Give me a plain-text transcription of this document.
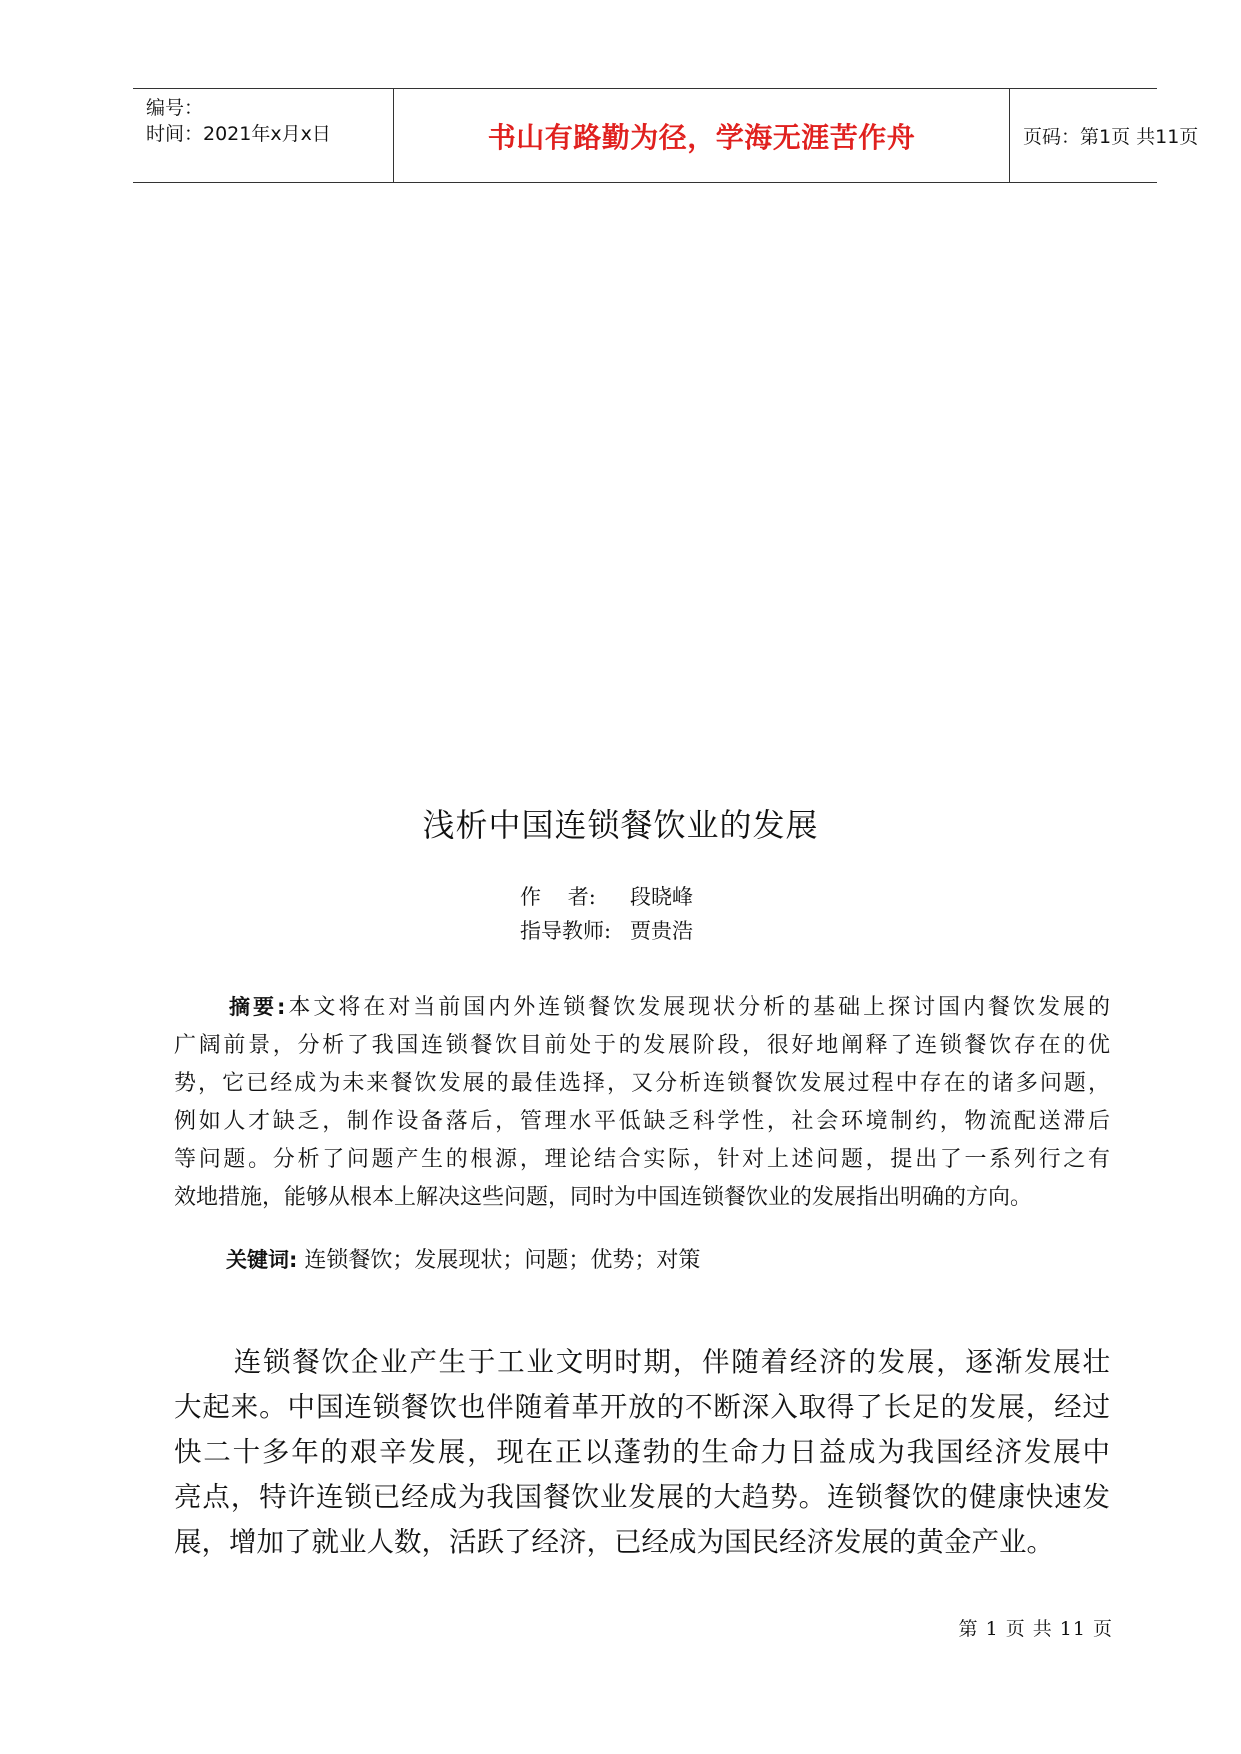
编号：
时间：2021年x月x日	书山有路勤为径，学海无涯苦作舟	页码：第1页 共11页
浅析中国连锁餐饮业的发展
作    者:	段晓峰
指导教师: 贾贵浩

摘要:本文将在对当前国内外连锁餐饮发展现状分析的基础上探讨国内餐饮发展的

广阔前景，分析了我国连锁餐饮目前处于的发展阶段，很好地阐释了连锁餐饮存在的优

势，它已经成为未来餐饮发展的最佳选择，又分析连锁餐饮发展过程中存在的诸多问题，

例如人才缺乏，制作设备落后，管理水平低缺乏科学性，社会环境制约，物流配送滞后

等问题。分析了问题产生的根源，理论结合实际，针对上述问题，提出了一系列行之有

效地措施，能够从根本上解决这些问题，同时为中国连锁餐饮业的发展指出明确的方向。

关键词: 连锁餐饮；发展现状；问题；优势；对策

连锁餐饮企业产生于工业文明时期，伴随着经济的发展，逐渐发展壮

大起来。中国连锁餐饮也伴随着革开放的不断深入取得了长足的发展，经过

快二十多年的艰辛发展，现在正以蓬勃的生命力日益成为我国经济发展中

亮点，特许连锁已经成为我国餐饮业发展的大趋势。连锁餐饮的健康快速发

展，增加了就业人数，活跃了经济，已经成为国民经济发展的黄金产业。

第 1 页 共 11 页
